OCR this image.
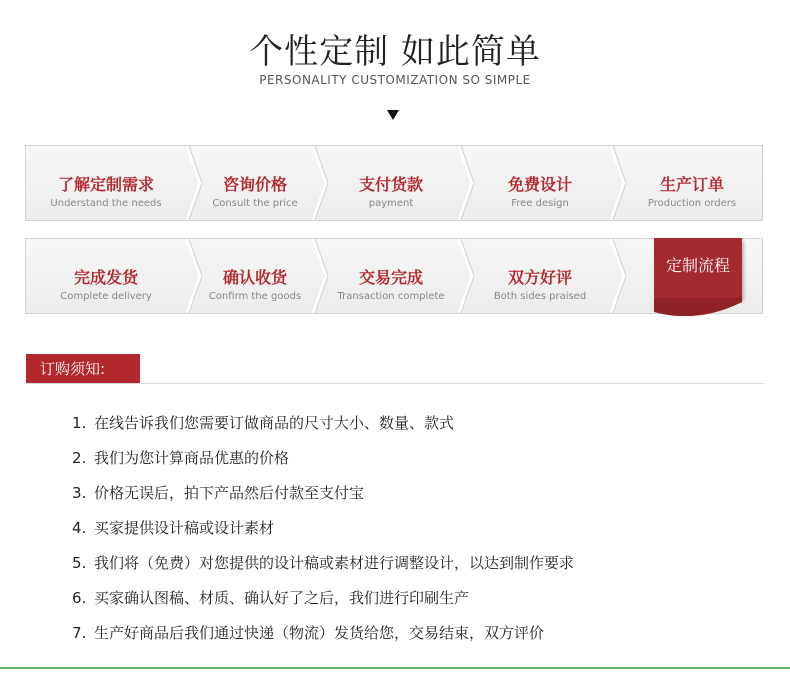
个性定制 如此简单
PERSONALITY CUSTOMIZATION SO SIMPLE
了解定制需求
Understand the needs
咨询价格
Consult the price
支付货款
payment
免费设计
Free design
生产订单
Production orders
完成发货
Complete delivery
确认收货
Confirm the goods
交易完成
Transaction complete
双方好评
Both sides praised
定制流程
订购须知:
1. 在线告诉我们您需要订做商品的尺寸大小、数量、款式
2. 我们为您计算商品优惠的价格
3. 价格无误后，拍下产品然后付款至支付宝
4. 买家提供设计稿或设计素材
5. 我们将（免费）对您提供的设计稿或素材进行调整设计，以达到制作要求
6. 买家确认图稿、材质、确认好了之后，我们进行印刷生产
7. 生产好商品后我们通过快递（物流）发货给您，交易结束，双方评价
